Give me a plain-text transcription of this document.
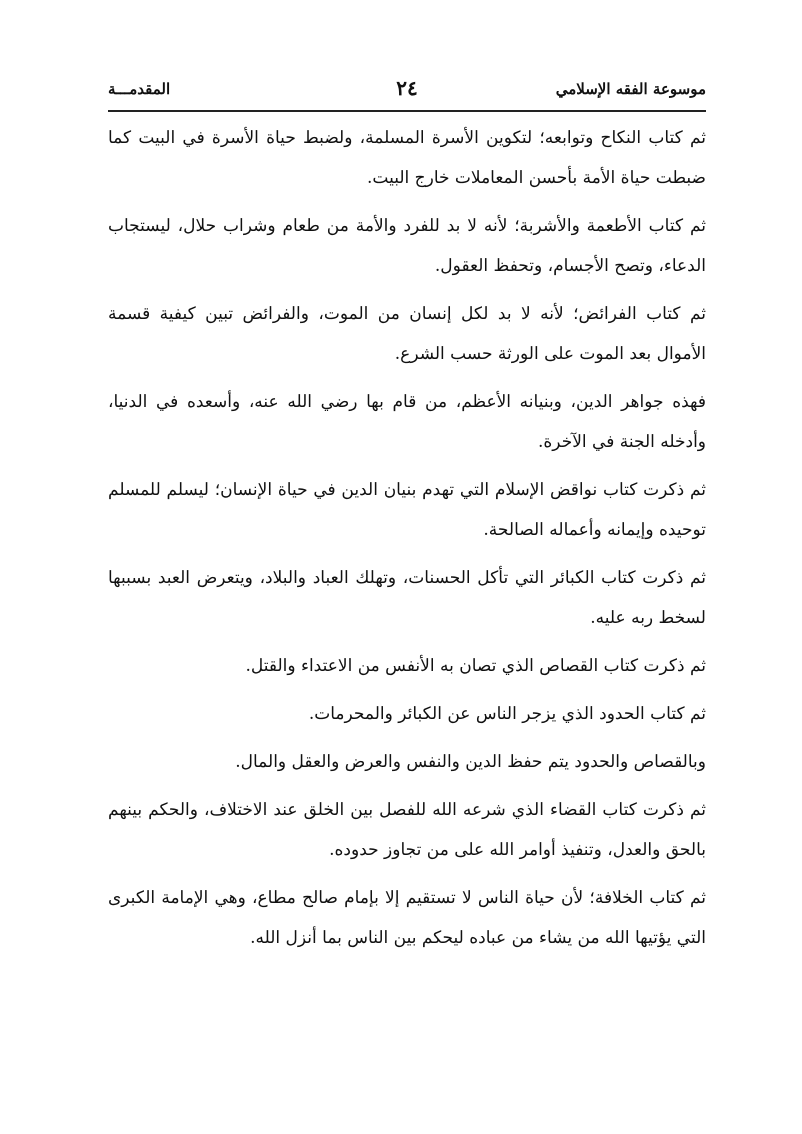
موسوعة الفقه الإسلامي
٢٤
المقدمـــة

ثم كتاب النكاح وتوابعه؛ لتكوين الأسرة المسلمة، ولضبط حياة الأسرة في البيت كما ضبطت حياة الأمة بأحسن المعاملات خارج البيت.

ثم كتاب الأطعمة والأشربة؛ لأنه لا بد للفرد والأمة من طعام وشراب حلال، ليستجاب الدعاء، وتصح الأجسام، وتحفظ العقول.

ثم كتاب الفرائض؛ لأنه لا بد لكل إنسان من الموت، والفرائض تبين كيفية قسمة الأموال بعد الموت على الورثة حسب الشرع.

فهذه جواهر الدين، وبنيانه الأعظم، من قام بها رضي الله عنه، وأسعده في الدنيا، وأدخله الجنة في الآخرة.

ثم ذكرت كتاب نواقض الإسلام التي تهدم بنيان الدين في حياة الإنسان؛ ليسلم للمسلم توحيده وإيمانه وأعماله الصالحة.

ثم ذكرت كتاب الكبائر التي تأكل الحسنات، وتهلك العباد والبلاد، ويتعرض العبد بسببها لسخط ربه عليه.

ثم ذكرت كتاب القصاص الذي تصان به الأنفس من الاعتداء والقتل.

ثم كتاب الحدود الذي يزجر الناس عن الكبائر والمحرمات.

وبالقصاص والحدود يتم حفظ الدين والنفس والعرض والعقل والمال.

ثم ذكرت كتاب القضاء الذي شرعه الله للفصل بين الخلق عند الاختلاف، والحكم بينهم بالحق والعدل، وتنفيذ أوامر الله على من تجاوز حدوده.

ثم كتاب الخلافة؛ لأن حياة الناس لا تستقيم إلا بإمام صالح مطاع، وهي الإمامة الكبرى التي يؤتيها الله من يشاء من عباده ليحكم بين الناس بما أنزل الله.
